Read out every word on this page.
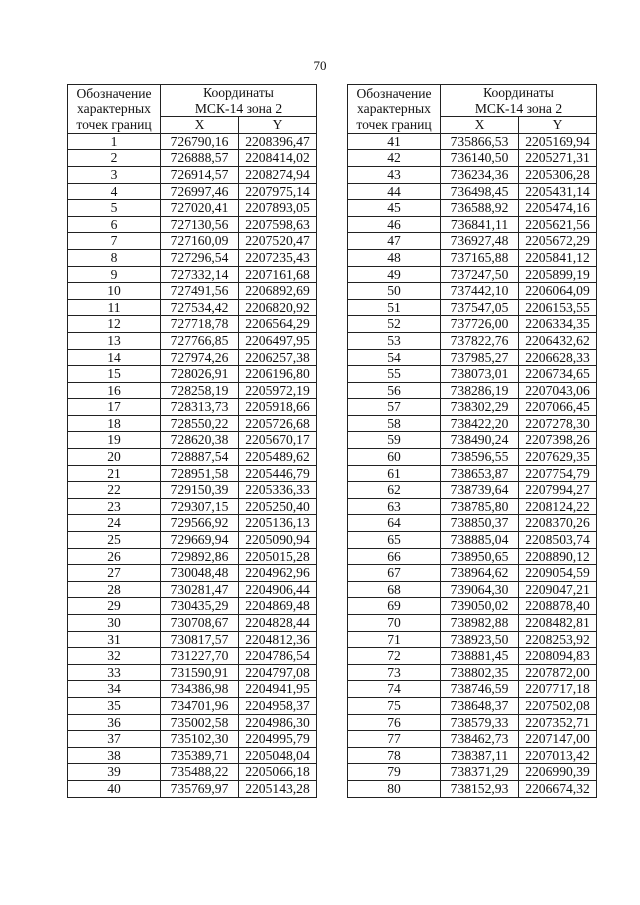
70
Обозначение
характерных
точек границ	Координаты
МСК-14 зона 2	
	X	Y
1	726790,16	2208396,47
2	726888,57	2208414,02
3	726914,57	2208274,94
4	726997,46	2207975,14
5	727020,41	2207893,05
6	727130,56	2207598,63
7	727160,09	2207520,47
8	727296,54	2207235,43
9	727332,14	2207161,68
10	727491,56	2206892,69
11	727534,42	2206820,92
12	727718,78	2206564,29
13	727766,85	2206497,95
14	727974,26	2206257,38
15	728026,91	2206196,80
16	728258,19	2205972,19
17	728313,73	2205918,66
18	728550,22	2205726,68
19	728620,38	2205670,17
20	728887,54	2205489,62
21	728951,58	2205446,79
22	729150,39	2205336,33
23	729307,15	2205250,40
24	729566,92	2205136,13
25	729669,94	2205090,94
26	729892,86	2205015,28
27	730048,48	2204962,96
28	730281,47	2204906,44
29	730435,29	2204869,48
30	730708,67	2204828,44
31	730817,57	2204812,36
32	731227,70	2204786,54
33	731590,91	2204797,08
34	734386,98	2204941,95
35	734701,96	2204958,37
36	735002,58	2204986,30
37	735102,30	2204995,79
38	735389,71	2205048,04
39	735488,22	2205066,18
40	735769,97	2205143,28
Обозначение
характерных
точек границ	Координаты
МСК-14 зона 2	
	X	Y
41	735866,53	2205169,94
42	736140,50	2205271,31
43	736234,36	2205306,28
44	736498,45	2205431,14
45	736588,92	2205474,16
46	736841,11	2205621,56
47	736927,48	2205672,29
48	737165,88	2205841,12
49	737247,50	2205899,19
50	737442,10	2206064,09
51	737547,05	2206153,55
52	737726,00	2206334,35
53	737822,76	2206432,62
54	737985,27	2206628,33
55	738073,01	2206734,65
56	738286,19	2207043,06
57	738302,29	2207066,45
58	738422,20	2207278,30
59	738490,24	2207398,26
60	738596,55	2207629,35
61	738653,87	2207754,79
62	738739,64	2207994,27
63	738785,80	2208124,22
64	738850,37	2208370,26
65	738885,04	2208503,74
66	738950,65	2208890,12
67	738964,62	2209054,59
68	739064,30	2209047,21
69	739050,02	2208878,40
70	738982,88	2208482,81
71	738923,50	2208253,92
72	738881,45	2208094,83
73	738802,35	2207872,00
74	738746,59	2207717,18
75	738648,37	2207502,08
76	738579,33	2207352,71
77	738462,73	2207147,00
78	738387,11	2207013,42
79	738371,29	2206990,39
80	738152,93	2206674,32
